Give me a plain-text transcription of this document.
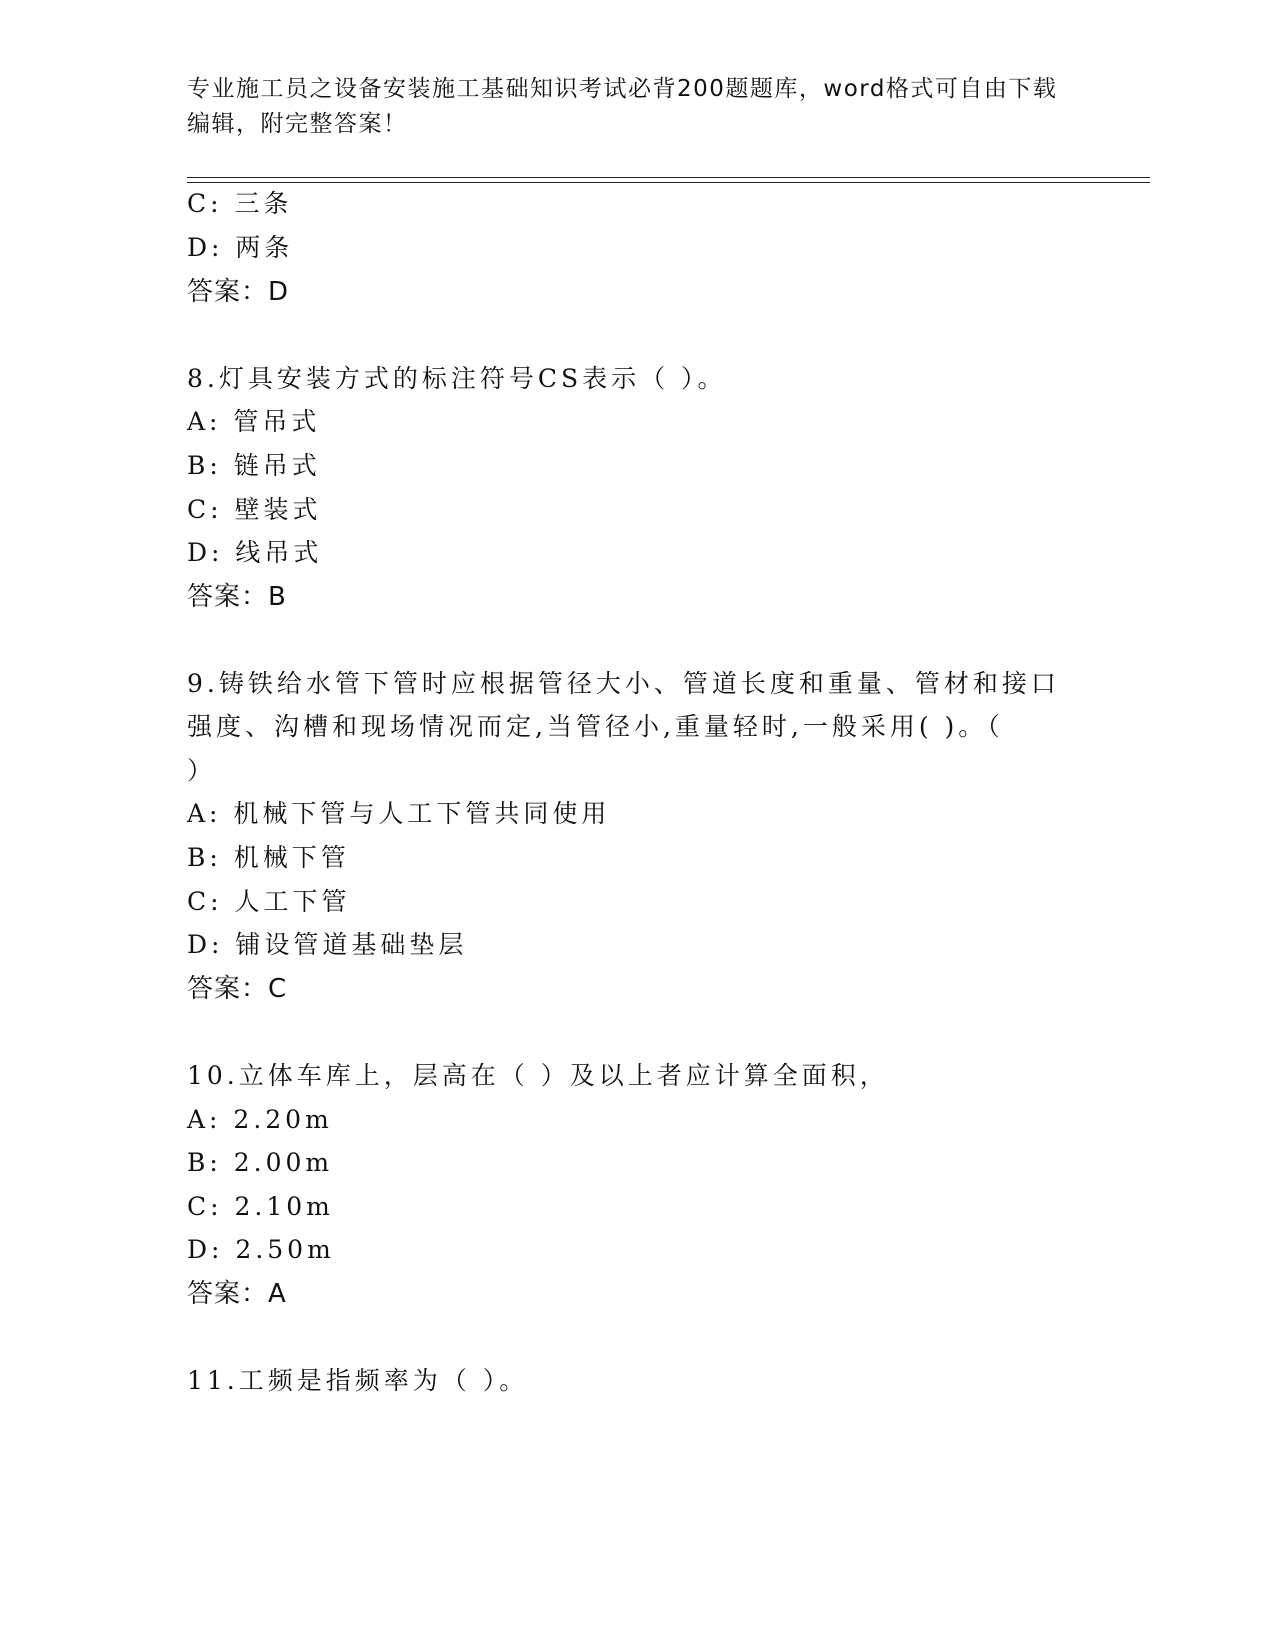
专业施工员之设备安装施工基础知识考试必背200题题库，word格式可自由下载
编辑，附完整答案！
C: 三条
D: 两条
答案：D
8.灯具安装方式的标注符号CS表示（ ）。
A: 管吊式
B: 链吊式
C: 壁装式
D: 线吊式
答案：B
9.铸铁给水管下管时应根据管径大小、管道长度和重量、管材和接口
强度、沟槽和现场情况而定,当管径小,重量轻时,一般采用( )。（
）
A: 机械下管与人工下管共同使用
B: 机械下管
C: 人工下管
D: 铺设管道基础垫层
答案：C
10.立体车库上，层高在（ ）及以上者应计算全面积，
A: 2.20m
B: 2.00m
C: 2.10m
D: 2.50m
答案：A
11.工频是指频率为（ ）。
